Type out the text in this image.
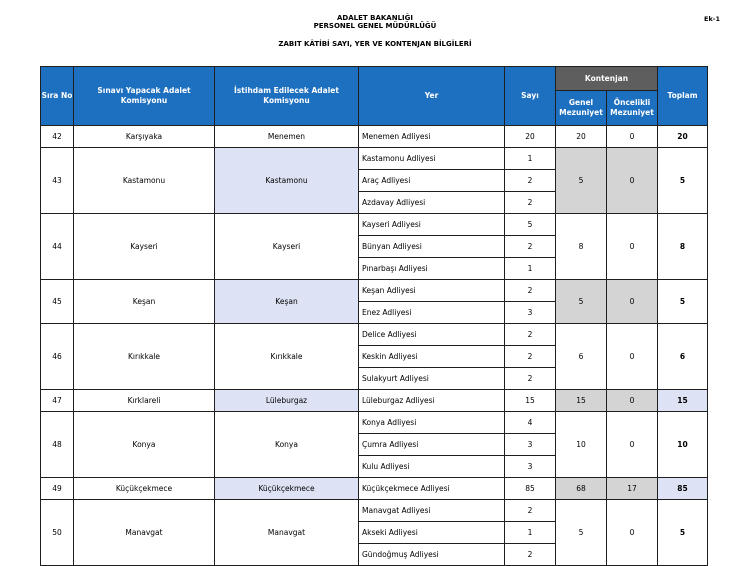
ADALET BAKANLIĞI
PERSONEL GENEL MÜDÜRLÜĞÜ
ZABIT KÂTİBİ SAYI, YER VE KONTENJAN BİLGİLERİ
Ek-1
Sıra No	Sınavı Yapacak Adalet Komisyonu	İstihdam Edilecek Adalet Komisyonu	Yer	Sayı	Kontenjan		Toplam
					Genel Mezuniyet	Öncelikli Mezuniyet	
42	Karşıyaka	Menemen	Menemen Adliyesi	20	20	0	20
43	Kastamonu	Kastamonu	Kastamonu Adliyesi	1	5	0	5
			Araç Adliyesi	2			
			Azdavay Adliyesi	2			
44	Kayseri	Kayseri	Kayseri Adliyesi	5	8	0	8
			Bünyan Adliyesi	2			
			Pınarbaşı Adliyesi	1			
45	Keşan	Keşan	Keşan Adliyesi	2	5	0	5
			Enez Adliyesi	3			
46	Kırıkkale	Kırıkkale	Delice Adliyesi	2	6	0	6
			Keskin Adliyesi	2			
			Sulakyurt Adliyesi	2			
47	Kırklareli	Lüleburgaz	Lüleburgaz Adliyesi	15	15	0	15
48	Konya	Konya	Konya Adliyesi	4	10	0	10
			Çumra Adliyesi	3			
			Kulu Adliyesi	3			
49	Küçükçekmece	Küçükçekmece	Küçükçekmece Adliyesi	85	68	17	85
50	Manavgat	Manavgat	Manavgat Adliyesi	2	5	0	5
			Akseki Adliyesi	1			
			Gündoğmuş Adliyesi	2			
